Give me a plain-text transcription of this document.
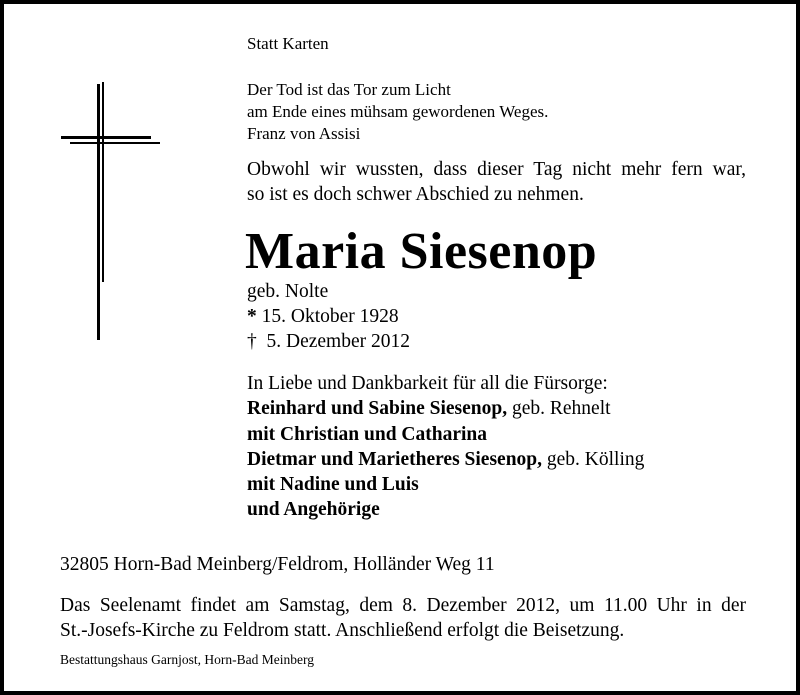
Statt Karten
Der Tod ist das Tor zum Licht
am Ende eines mühsam gewordenen Weges.
Franz von Assisi
Obwohl wir wussten, dass dieser Tag nicht mehr fern war,
so ist es doch schwer Abschied zu nehmen.
Maria Siesenop
geb. Nolte
* 15. Oktober 1928
† 5. Dezember 2012
In Liebe und Dankbarkeit für all die Fürsorge:
Reinhard und Sabine Siesenop, geb. Rehnelt
mit Christian und Catharina
Dietmar und Marietheres Siesenop, geb. Kölling
mit Nadine und Luis
und Angehörige
32805 Horn-Bad Meinberg/Feldrom, Holländer Weg 11
Das Seelenamt findet am Samstag, dem 8. Dezember 2012, um 11.00 Uhr in der
St.-Josefs-Kirche zu Feldrom statt. Anschließend erfolgt die Beisetzung.
Bestattungshaus Garnjost, Horn-Bad Meinberg
